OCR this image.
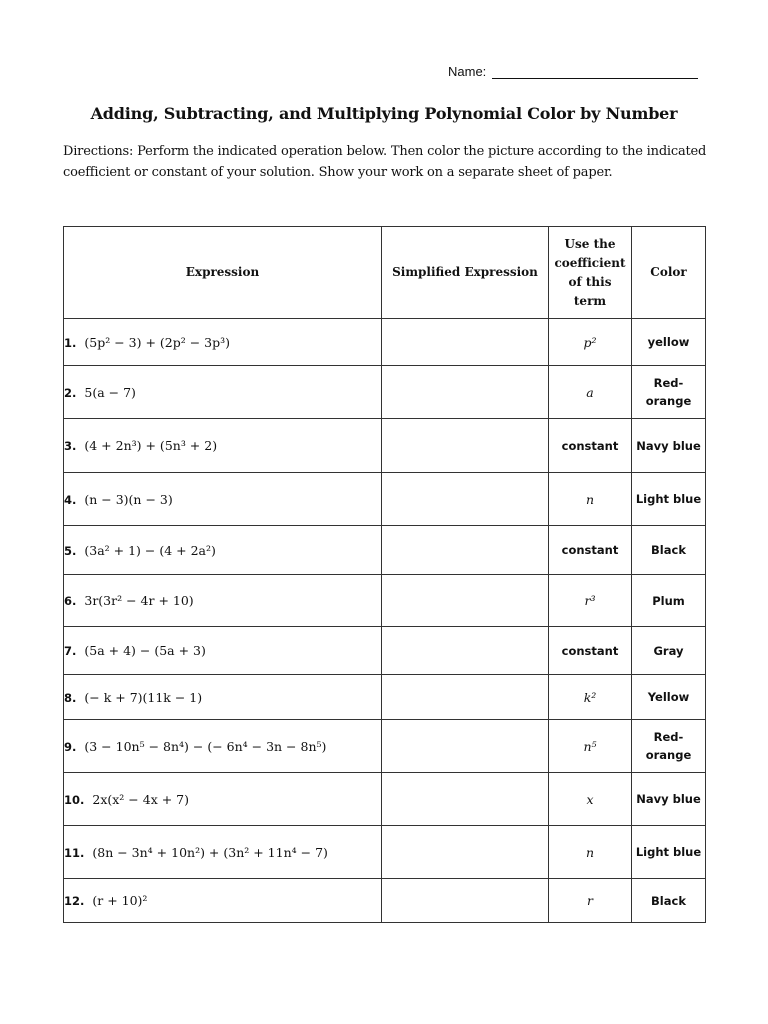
Name:
Adding, Subtracting, and Multiplying Polynomial Color by Number
Directions: Perform the indicated operation below. Then color the picture according to the indicated coefficient or constant of your solution. Show your work on a separate sheet of paper.
Expression	Simplified Expression	Use the coefficient of this term	Color
1. (5p² − 3) + (2p² − 3p³)		p²	yellow
2. 5(a − 7)		a	Red-orange
3. (4 + 2n³) + (5n³ + 2)		constant	Navy blue
4. (n − 3)(n − 3)		n	Light blue
5. (3a² + 1) − (4 + 2a²)		constant	Black
6. 3r(3r² − 4r + 10)		r³	Plum
7. (5a + 4) − (5a + 3)		constant	Gray
8. (− k + 7)(11k − 1)		k²	Yellow
9. (3 − 10n⁵ − 8n⁴) − (− 6n⁴ − 3n − 8n⁵)		n⁵	Red-orange
10. 2x(x² − 4x + 7)		x	Navy blue
11. (8n − 3n⁴ + 10n²) + (3n² + 11n⁴ − 7)		n	Light blue
12. (r + 10)²		r	Black
